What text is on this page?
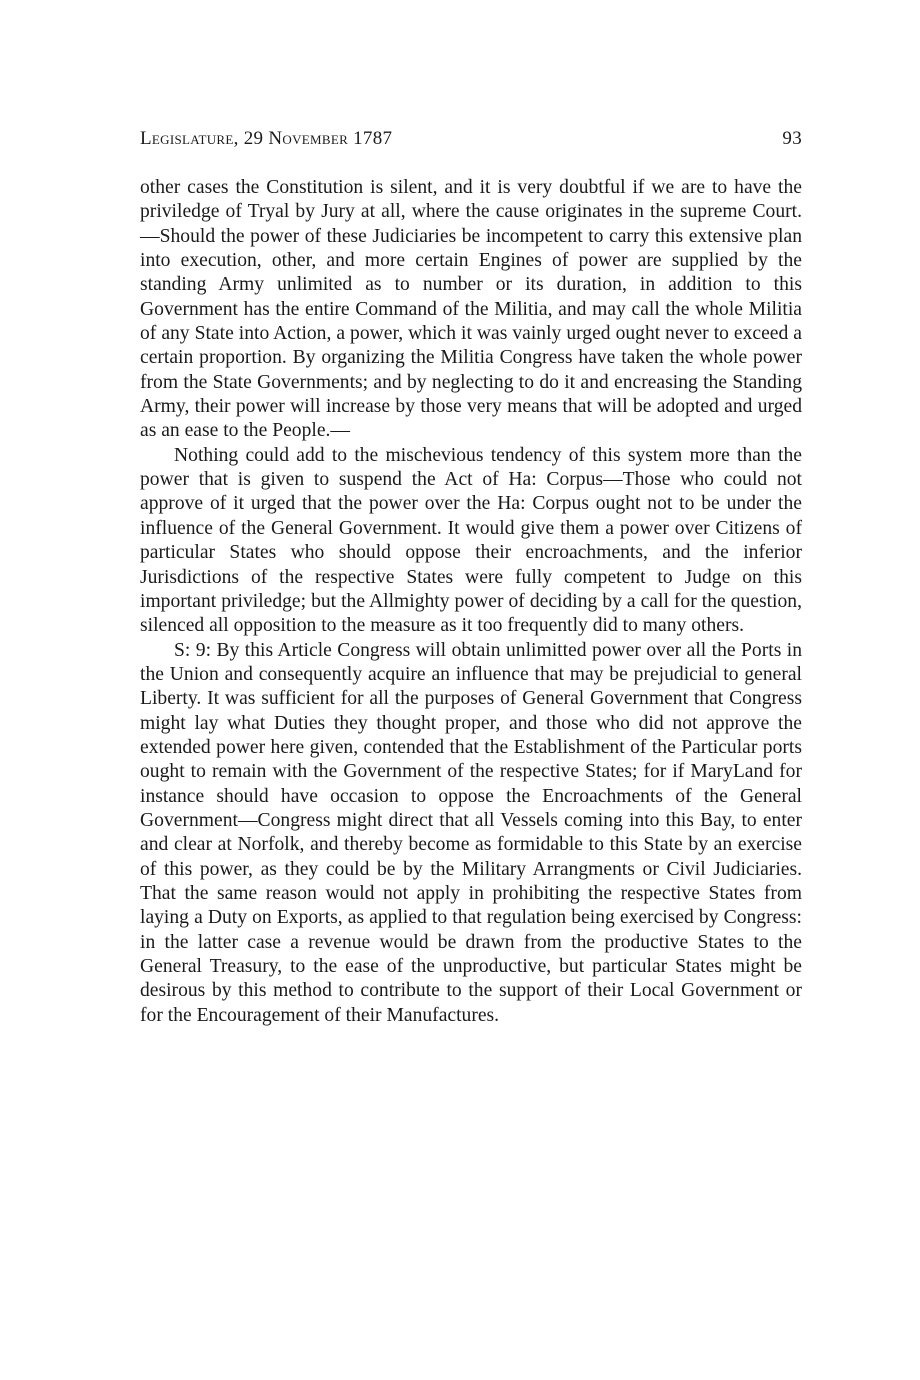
Legislature, 29 November 1787	93

other cases the Constitution is silent, and it is very doubtful if we are to have the priviledge of Tryal by Jury at all, where the cause originates in the supreme Court.—Should the power of these Judiciaries be incompetent to carry this extensive plan into execution, other, and more certain Engines of power are supplied by the standing Army unlimited as to number or its duration, in addition to this Government has the entire Command of the Militia, and may call the whole Militia of any State into Action, a power, which it was vainly urged ought never to exceed a certain proportion. By organizing the Militia Congress have taken the whole power from the State Governments; and by neglecting to do it and encreasing the Standing Army, their power will increase by those very means that will be adopted and urged as an ease to the People.—

Nothing could add to the mischevious tendency of this system more than the power that is given to suspend the Act of Ha: Corpus—Those who could not approve of it urged that the power over the Ha: Corpus ought not to be under the influence of the General Government. It would give them a power over Citizens of particular States who should oppose their encroachments, and the inferior Jurisdictions of the respective States were fully competent to Judge on this important priviledge; but the Allmighty power of deciding by a call for the question, silenced all opposition to the measure as it too frequently did to many others.

S: 9: By this Article Congress will obtain unlimitted power over all the Ports in the Union and consequently acquire an influence that may be prejudicial to general Liberty. It was sufficient for all the purposes of General Government that Congress might lay what Duties they thought proper, and those who did not approve the extended power here given, contended that the Establishment of the Particular ports ought to remain with the Government of the respective States; for if MaryLand for instance should have occasion to oppose the Encroachments of the General Government—Congress might direct that all Vessels coming into this Bay, to enter and clear at Norfolk, and thereby become as formidable to this State by an exercise of this power, as they could be by the Military Arrangments or Civil Judiciaries. That the same reason would not apply in prohibiting the respective States from laying a Duty on Exports, as applied to that regulation being exercised by Congress: in the latter case a revenue would be drawn from the productive States to the General Treasury, to the ease of the unproductive, but particular States might be desirous by this method to contribute to the support of their Local Government or for the Encouragement of their Manufactures.
